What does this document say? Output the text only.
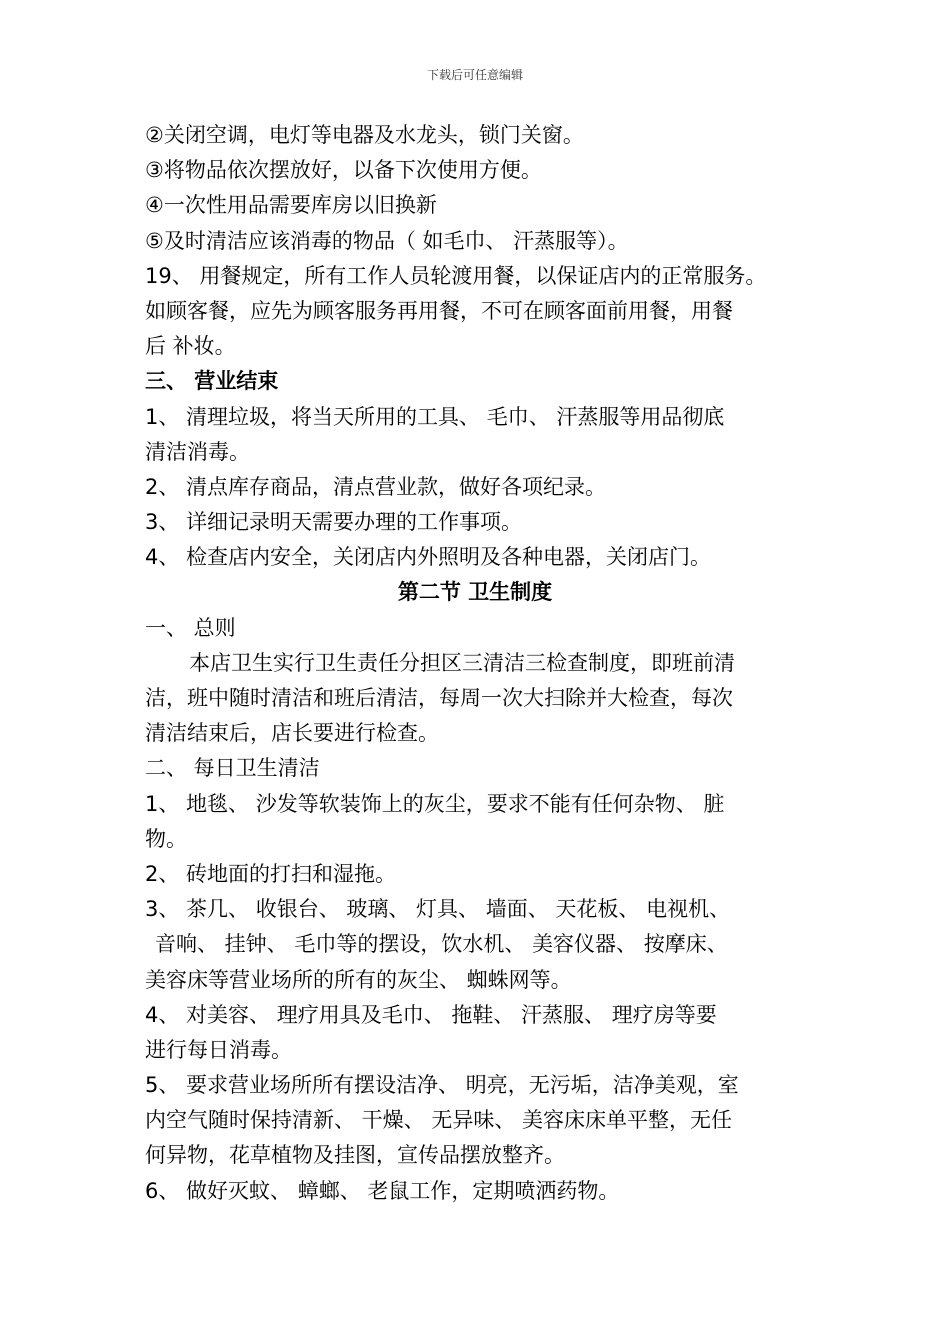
下载后可任意编辑
②关闭空调，电灯等电器及水龙头，锁门关窗。
③将物品依次摆放好，以备下次使用方便。
④一次性用品需要库房以旧换新
⑤及时清洁应该消毒的物品（ 如毛巾、 汗蒸服等）。
19、 用餐规定，所有工作人员轮渡用餐，以保证店内的正常服务。
如顾客餐，应先为顾客服务再用餐，不可在顾客面前用餐，用餐
后 补妆。
三、 营业结束
1、 清理垃圾，将当天所用的工具、 毛巾、 汗蒸服等用品彻底
清洁消毒。
2、 清点库存商品，清点营业款，做好各项纪录。
3、 详细记录明天需要办理的工作事项。
4、 检查店内安全，关闭店内外照明及各种电器，关闭店门。
第二节 卫生制度
一、 总则
本店卫生实行卫生责任分担区三清洁三检查制度，即班前清
洁，班中随时清洁和班后清洁，每周一次大扫除并大检查，每次
清洁结束后，店长要进行检查。
二、 每日卫生清洁
1、 地毯、 沙发等软装饰上的灰尘，要求不能有任何杂物、 脏
物。
2、 砖地面的打扫和湿拖。
3、 茶几、 收银台、 玻璃、 灯具、 墙面、 天花板、 电视机、
音响、 挂钟、 毛巾等的摆设，饮水机、 美容仪器、 按摩床、
美容床等营业场所的所有的灰尘、 蜘蛛网等。
4、 对美容、 理疗用具及毛巾、 拖鞋、 汗蒸服、 理疗房等要
进行每日消毒。
5、 要求营业场所所有摆设洁净、 明亮，无污垢，洁净美观，室
内空气随时保持清新、 干燥、 无异味、 美容床床单平整，无任
何异物，花草植物及挂图，宣传品摆放整齐。
6、 做好灭蚊、 蟑螂、 老鼠工作，定期喷洒药物。
